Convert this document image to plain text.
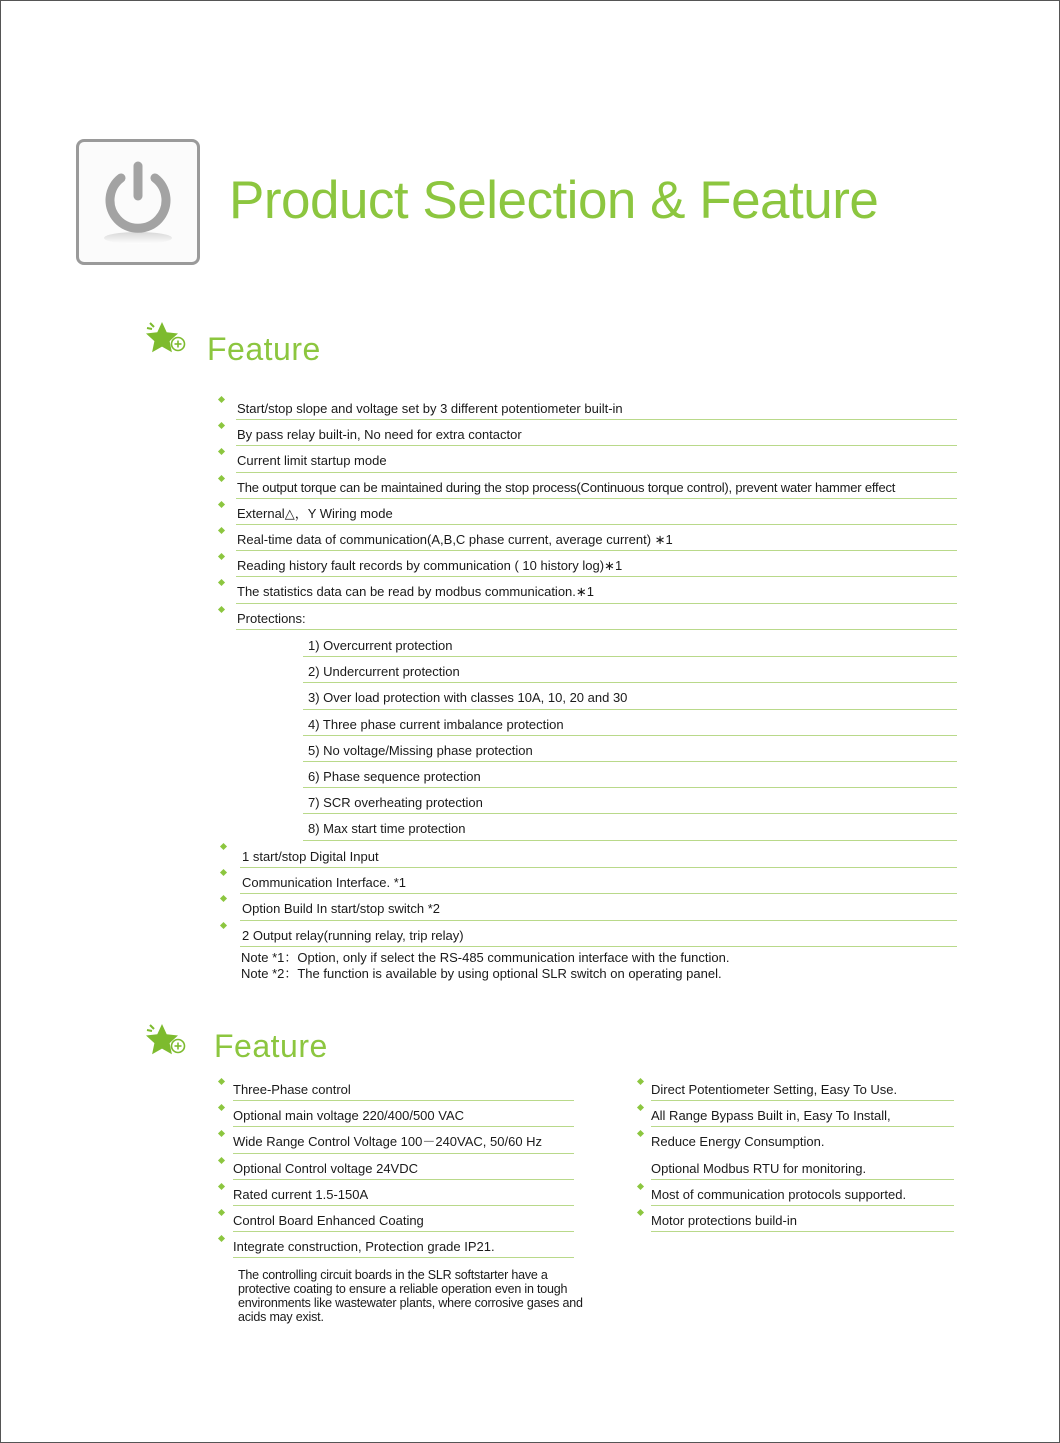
Product Selection & Feature
Feature
Start/stop slope and voltage set by 3 different potentiometer built-in
By pass relay built-in, No need for extra contactor
Current limit startup mode
The output torque can be maintained during the stop process(Continuous torque control), prevent water hammer effect
External△，Y Wiring mode
Real-time data of communication(A,B,C phase current, average current) ∗1
Reading history fault records by communication ( 10 history log)∗1
The statistics data can be read by modbus communication.∗1
Protections:
1) Overcurrent protection
2) Undercurrent protection
3) Over load protection with classes 10A, 10, 20 and 30
4) Three phase current imbalance protection
5) No voltage/Missing phase protection
6) Phase sequence protection
7) SCR overheating protection
8) Max start time protection
1 start/stop Digital Input
Communication Interface. *1
Option Build In start/stop switch *2
2 Output relay(running relay, trip relay)
Note *1：Option, only if select the RS-485 communication interface with the function.
Note *2：The function is available by using optional SLR switch on operating panel.
Feature
Three-Phase control
Optional main voltage 220/400/500 VAC
Wide Range Control Voltage 100－240VAC, 50/60 Hz
Optional Control voltage 24VDC
Rated current 1.5-150A
Control Board Enhanced Coating
Integrate construction, Protection grade IP21.
Direct Potentiometer Setting, Easy To Use.
All Range Bypass Built in, Easy To Install,
Reduce Energy Consumption.
Optional Modbus RTU for monitoring.
Most of communication protocols supported.
Motor protections build-in
The controlling circuit boards in the SLR softstarter have a protective coating to ensure a reliable operation even in tough environments like wastewater plants, where corrosive gases and acids may exist.
